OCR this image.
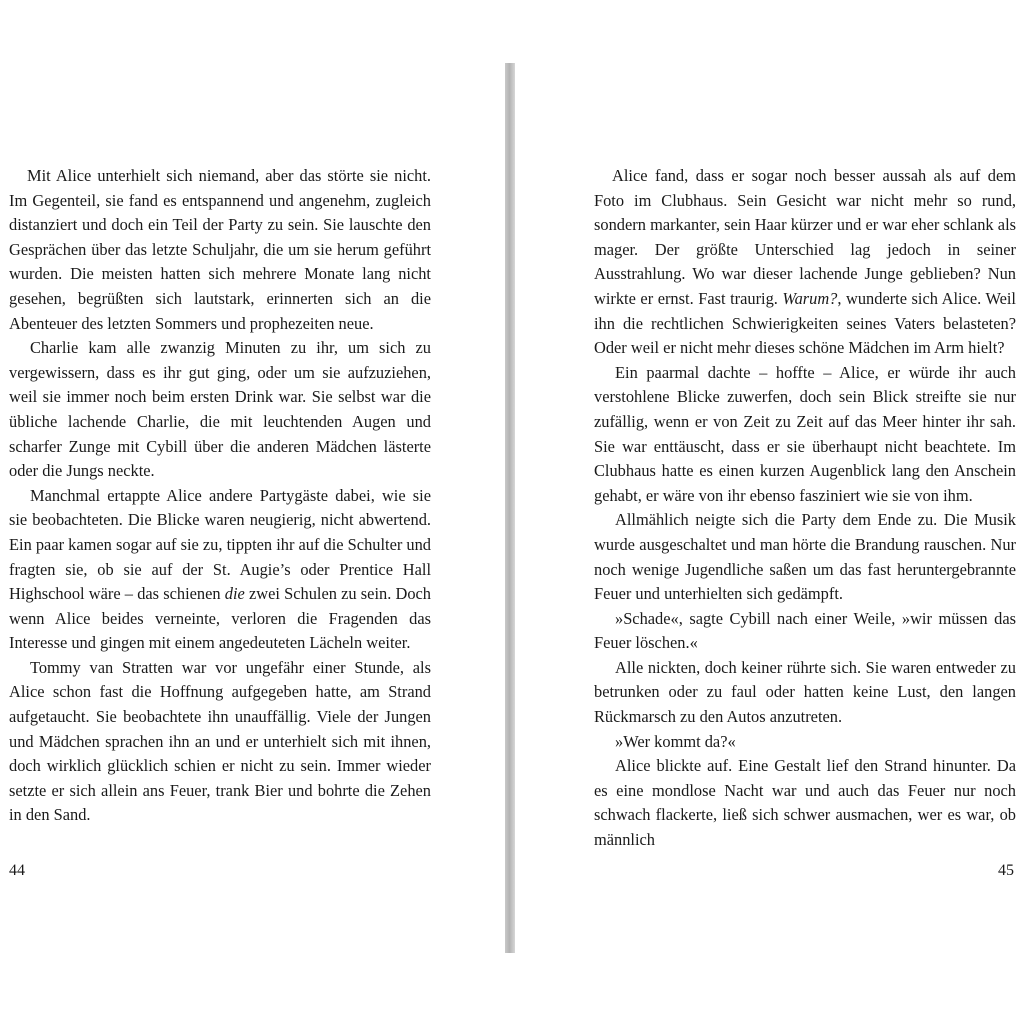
Mit Alice unterhielt sich niemand, aber das störte sie nicht. Im Gegenteil, sie fand es entspannend und angenehm, zugleich distanziert und doch ein Teil der Party zu sein. Sie lauschte den Gesprächen über das letzte Schuljahr, die um sie herum geführt wurden. Die meisten hatten sich mehrere Monate lang nicht gesehen, begrüßten sich lautstark, erinnerten sich an die Abenteuer des letzten Sommers und prophezeiten neue.

Charlie kam alle zwanzig Minuten zu ihr, um sich zu vergewissern, dass es ihr gut ging, oder um sie aufzuziehen, weil sie immer noch beim ersten Drink war. Sie selbst war die übliche lachende Charlie, die mit leuchtenden Augen und scharfer Zunge mit Cybill über die anderen Mädchen lästerte oder die Jungs neckte.

Manchmal ertappte Alice andere Partygäste dabei, wie sie sie beobachteten. Die Blicke waren neugierig, nicht abwertend. Ein paar kamen sogar auf sie zu, tippten ihr auf die Schulter und fragten sie, ob sie auf der St. Augie’s oder Prentice Hall Highschool wäre – das schienen die zwei Schulen zu sein. Doch wenn Alice beides verneinte, verloren die Fragenden das Interesse und gingen mit einem angedeuteten Lächeln weiter.

Tommy van Stratten war vor ungefähr einer Stunde, als Alice schon fast die Hoffnung aufgegeben hatte, am Strand aufgetaucht. Sie beobachtete ihn unauffällig. Viele der Jungen und Mädchen sprachen ihn an und er unterhielt sich mit ihnen, doch wirklich glücklich schien er nicht zu sein. Immer wieder setzte er sich allein ans Feuer, trank Bier und bohrte die Zehen in den Sand.

Alice fand, dass er sogar noch besser aussah als auf dem Foto im Clubhaus. Sein Gesicht war nicht mehr so rund, sondern markanter, sein Haar kürzer und er war eher schlank als mager. Der größte Unterschied lag jedoch in seiner Ausstrahlung. Wo war dieser lachende Junge geblieben? Nun wirkte er ernst. Fast traurig. Warum?, wunderte sich Alice. Weil ihn die rechtlichen Schwierigkeiten seines Vaters belasteten? Oder weil er nicht mehr dieses schöne Mädchen im Arm hielt?

Ein paarmal dachte – hoffte – Alice, er würde ihr auch verstohlene Blicke zuwerfen, doch sein Blick streifte sie nur zufällig, wenn er von Zeit zu Zeit auf das Meer hinter ihr sah. Sie war enttäuscht, dass er sie überhaupt nicht beachtete. Im Clubhaus hatte es einen kurzen Augenblick lang den Anschein gehabt, er wäre von ihr ebenso fasziniert wie sie von ihm.

Allmählich neigte sich die Party dem Ende zu. Die Musik wurde ausgeschaltet und man hörte die Brandung rauschen. Nur noch wenige Jugendliche saßen um das fast heruntergebrannte Feuer und unterhielten sich gedämpft.

»Schade«, sagte Cybill nach einer Weile, »wir müssen das Feuer löschen.«

Alle nickten, doch keiner rührte sich. Sie waren entweder zu betrunken oder zu faul oder hatten keine Lust, den langen Rückmarsch zu den Autos anzutreten.

»Wer kommt da?«

Alice blickte auf. Eine Gestalt lief den Strand hinunter. Da es eine mondlose Nacht war und auch das Feuer nur noch schwach flackerte, ließ sich schwer ausmachen, wer es war, ob männlich

44	45
